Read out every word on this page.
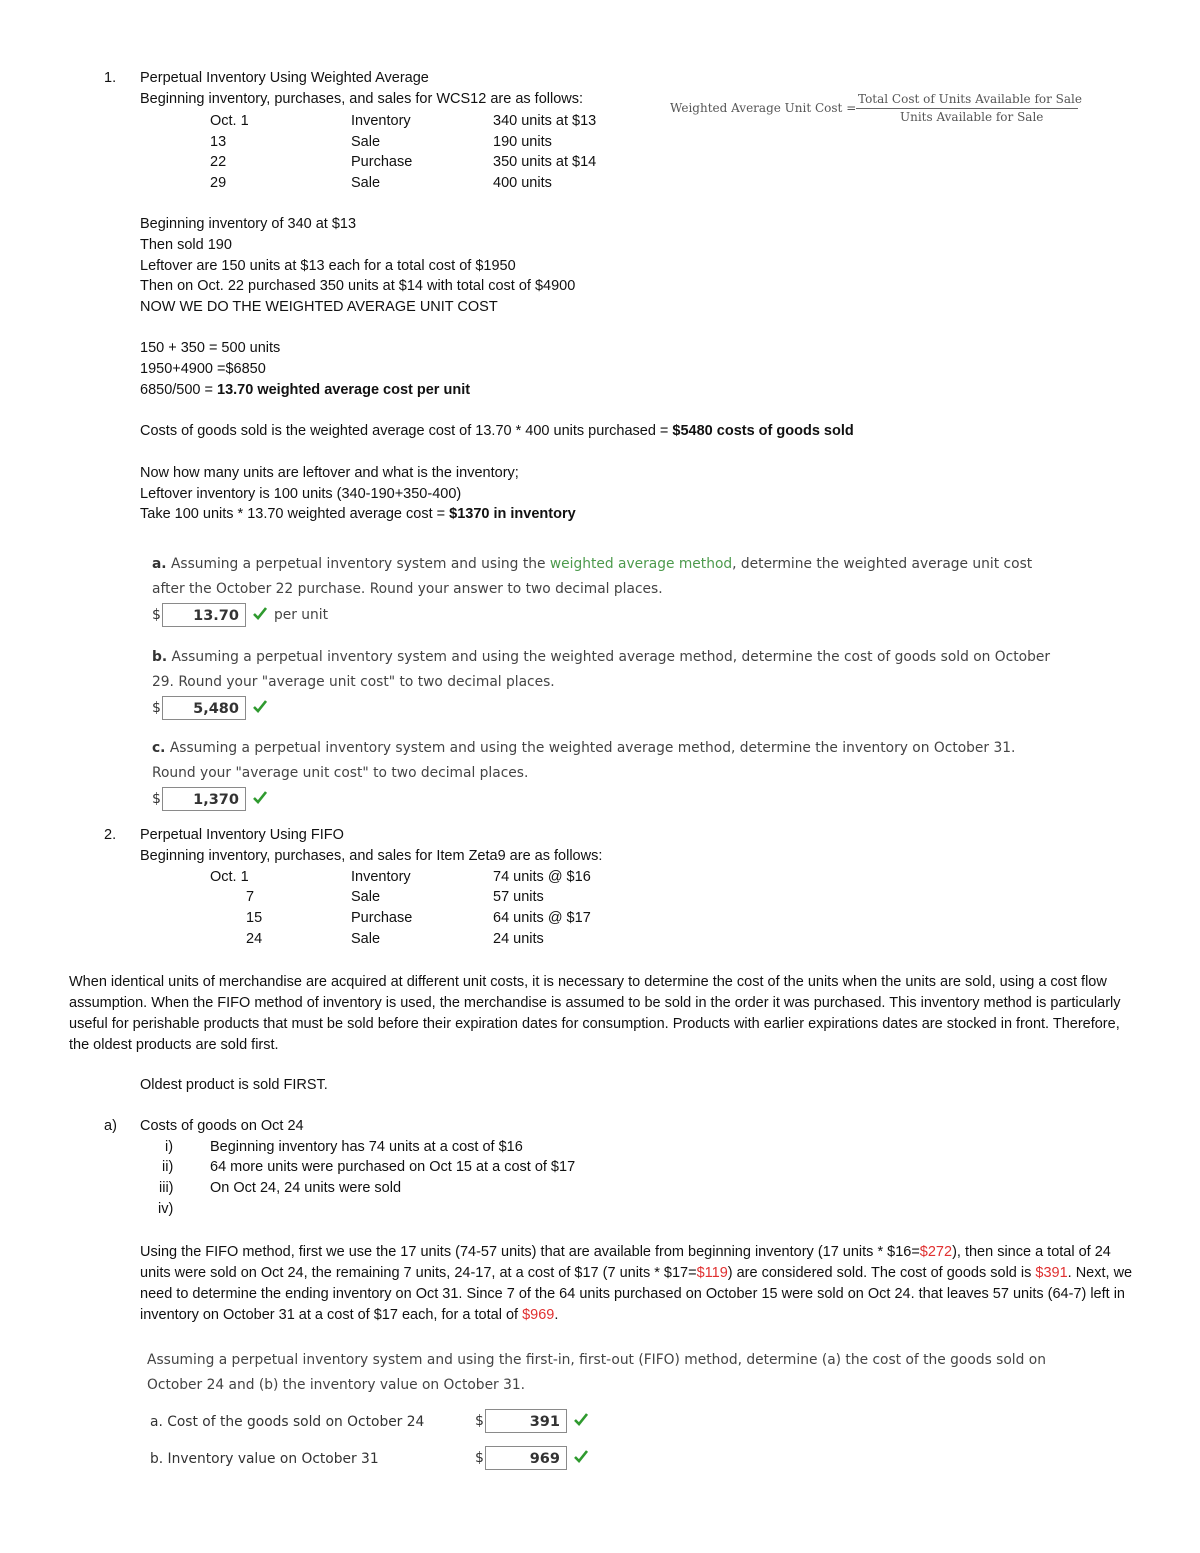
1. Perpetual Inventory Using Weighted Average
Beginning inventory, purchases, and sales for WCS12 are as follows:
Oct. 1	Inventory	340 units at $13
13	Sale	190 units
22	Purchase	350 units at $14
29	Sale	400 units
Weighted Average Unit Cost =
Total Cost of Units Available for Sale
Units Available for Sale
Beginning inventory of 340 at $13
Then sold 190
Leftover are 150 units at $13 each for a total cost of $1950
Then on Oct. 22 purchased 350 units at $14 with total cost of $4900
NOW WE DO THE WEIGHTED AVERAGE UNIT COST
150 + 350 = 500 units
1950+4900 =$6850
6850/500 = 13.70 weighted average cost per unit
Costs of goods sold is the weighted average cost of 13.70 * 400 units purchased = $5480 costs of goods sold
Now how many units are leftover and what is the inventory;
Leftover inventory is 100 units (340-190+350-400)
Take 100 units * 13.70 weighted average cost = $1370 in inventory
a. Assuming a perpetual inventory system and using the weighted average method, determine the weighted average unit cost
after the October 22 purchase. Round your answer to two decimal places.
$	13.70	per unit
b. Assuming a perpetual inventory system and using the weighted average method, determine the cost of goods sold on October
29. Round your "average unit cost" to two decimal places.
$	5,480
c. Assuming a perpetual inventory system and using the weighted average method, determine the inventory on October 31.
Round your "average unit cost" to two decimal places.
$	1,370
2. Perpetual Inventory Using FIFO
Beginning inventory, purchases, and sales for Item Zeta9 are as follows:
Oct. 1	Inventory	74 units @ $16
7	Sale	57 units
15	Purchase	64 units @ $17
24	Sale	24 units
When identical units of merchandise are acquired at different unit costs, it is necessary to determine the cost of the units when the units are sold, using a cost flow assumption. When the FIFO method of inventory is used, the merchandise is assumed to be sold in the order it was purchased. This inventory method is particularly useful for perishable products that must be sold before their expiration dates for consumption. Products with earlier expirations dates are stocked in front. Therefore, the oldest products are sold first.
Oldest product is sold FIRST.
a) Costs of goods on Oct 24
i)	Beginning inventory has 74 units at a cost of $16
ii)	64 more units were purchased on Oct 15 at a cost of $17
iii)	On Oct 24, 24 units were sold
iv)
Using the FIFO method, first we use the 17 units (74-57 units) that are available from beginning inventory (17 units * $16=$272), then since a total of 24 units were sold on Oct 24, the remaining 7 units, 24-17, at a cost of $17 (7 units * $17=$119) are considered sold. The cost of goods sold is $391. Next, we need to determine the ending inventory on Oct 31. Since 7 of the 64 units purchased on October 15 were sold on Oct 24. that leaves 57 units (64-7) left in inventory on October 31 at a cost of $17 each, for a total of $969.
Assuming a perpetual inventory system and using the first-in, first-out (FIFO) method, determine (a) the cost of the goods sold on
October 24 and (b) the inventory value on October 31.
a. Cost of the goods sold on October 24	$	391
b. Inventory value on October 31	$	969
